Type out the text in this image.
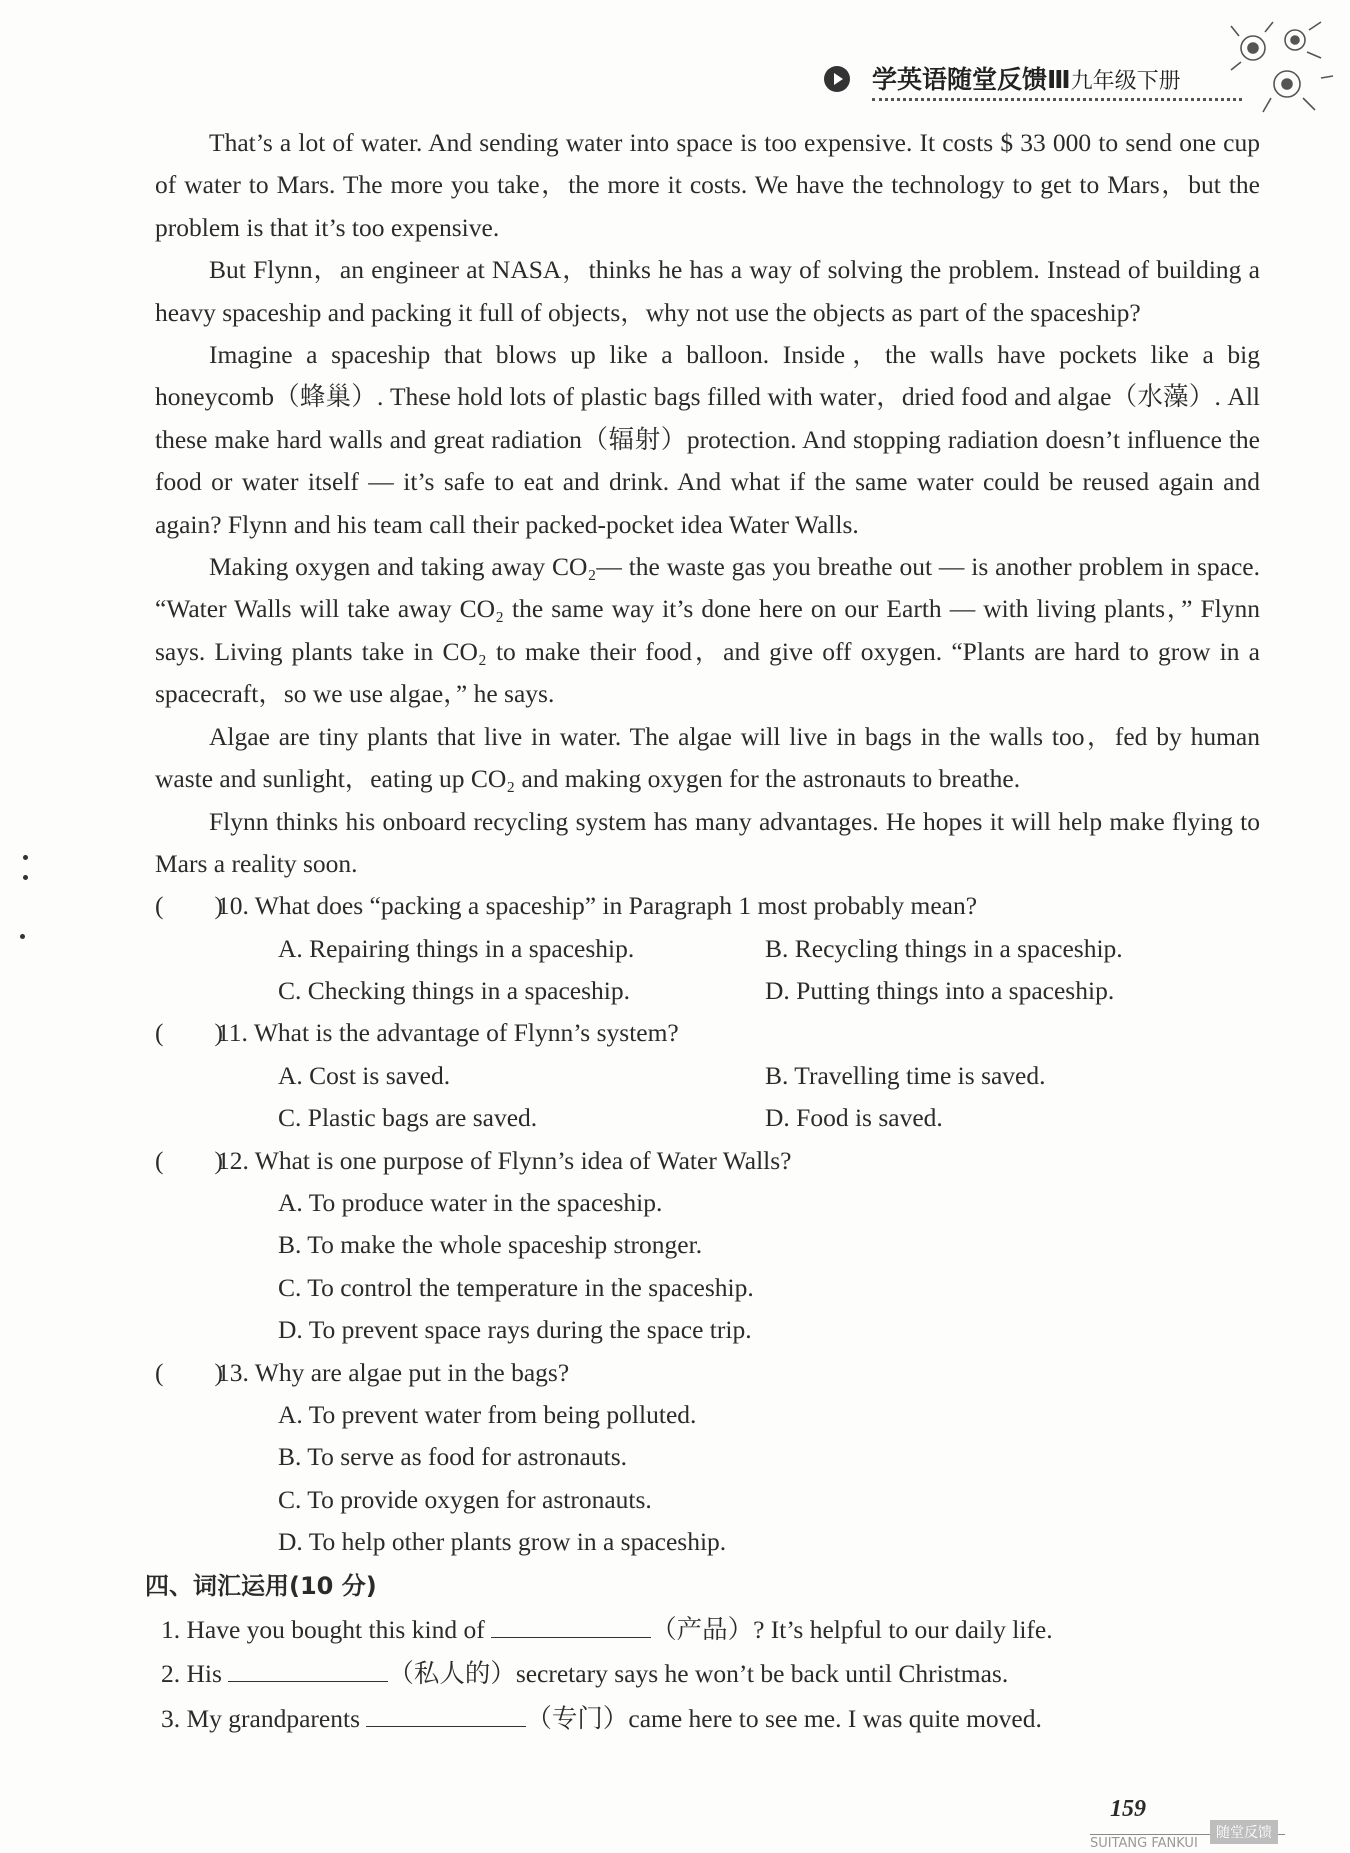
学英语随堂反馈Ⅲ九年级下册

That’s a lot of water. And sending water into space is too expensive. It costs $ 33 000 to send one cup of water to Mars. The more you take，the more it costs. We have the technology to get to Mars，but the problem is that it’s too expensive.

But Flynn，an engineer at NASA，thinks he has a way of solving the problem. Instead of building a heavy spaceship and packing it full of objects，why not use the objects as part of the spaceship?

Imagine a spaceship that blows up like a balloon. Inside，the walls have pockets like a big honeycomb（蜂巢）. These hold lots of plastic bags filled with water，dried food and algae（水藻）. All these make hard walls and great radiation（辐射）protection. And stopping radiation doesn’t influence the food or water itself — it’s safe to eat and drink. And what if the same water could be reused again and again? Flynn and his team call their packed-pocket idea Water Walls.

Making oxygen and taking away CO₂— the waste gas you breathe out — is another problem in space. “Water Walls will take away CO₂ the same way it’s done here on our Earth — with living plants，” Flynn says. Living plants take in CO₂ to make their food，and give off oxygen. “Plants are hard to grow in a spacecraft，so we use algae，” he says.

Algae are tiny plants that live in water. The algae will live in bags in the walls too，fed by human waste and sunlight，eating up CO₂ and making oxygen for the astronauts to breathe.

Flynn thinks his onboard recycling system has many advantages. He hopes it will help make flying to Mars a reality soon.

(　　)
10. What does “packing a spaceship” in Paragraph 1 most probably mean?
A. Repairing things in a spaceship.	B. Recycling things in a spaceship.
C. Checking things in a spaceship.	D. Putting things into a spaceship.
(　　)
11. What is the advantage of Flynn’s system?
A. Cost is saved.	B. Travelling time is saved.
C. Plastic bags are saved.	D. Food is saved.
(　　)
12. What is one purpose of Flynn’s idea of Water Walls?
A. To produce water in the spaceship.
B. To make the whole spaceship stronger.
C. To control the temperature in the spaceship.
D. To prevent space rays during the space trip.
(　　)
13. Why are algae put in the bags?
A. To prevent water from being polluted.
B. To serve as food for astronauts.
C. To provide oxygen for astronauts.
D. To help other plants grow in a spaceship.
四、词汇运用(10 分)
1. Have you bought this kind of	（产品）? It’s helpful to our daily life.
2. His	（私人的）secretary says he won’t be back until Christmas.
3. My grandparents	（专门）came here to see me. I was quite moved.
159
SUITANG FANKUI
随堂反馈
